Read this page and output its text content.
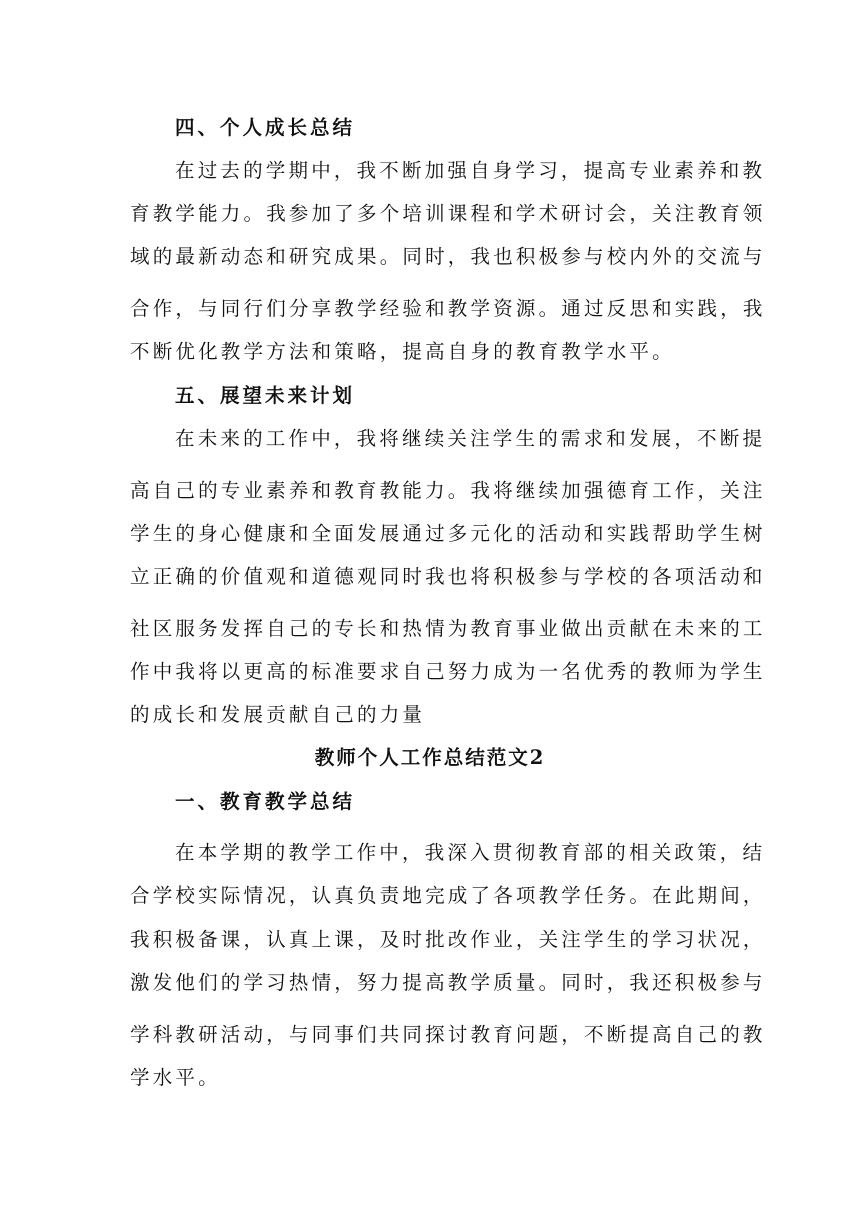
四、个人成长总结
在过去的学期中，我不断加强自身学习，提高专业素养和教
育教学能力。我参加了多个培训课程和学术研讨会，关注教育领
域的最新动态和研究成果。同时，我也积极参与校内外的交流与
合作，与同行们分享教学经验和教学资源。通过反思和实践，我
不断优化教学方法和策略，提高自身的教育教学水平。
五、展望未来计划
在未来的工作中，我将继续关注学生的需求和发展，不断提
高自己的专业素养和教育教能力。我将继续加强德育工作，关注
学生的身心健康和全面发展通过多元化的活动和实践帮助学生树
立正确的价值观和道德观同时我也将积极参与学校的各项活动和
社区服务发挥自己的专长和热情为教育事业做出贡献在未来的工
作中我将以更高的标准要求自己努力成为一名优秀的教师为学生
的成长和发展贡献自己的力量
教师个人工作总结范文2
一、教育教学总结
在本学期的教学工作中，我深入贯彻教育部的相关政策，结
合学校实际情况，认真负责地完成了各项教学任务。在此期间，
我积极备课，认真上课，及时批改作业，关注学生的学习状况，
激发他们的学习热情，努力提高教学质量。同时，我还积极参与
学科教研活动，与同事们共同探讨教育问题，不断提高自己的教
学水平。
